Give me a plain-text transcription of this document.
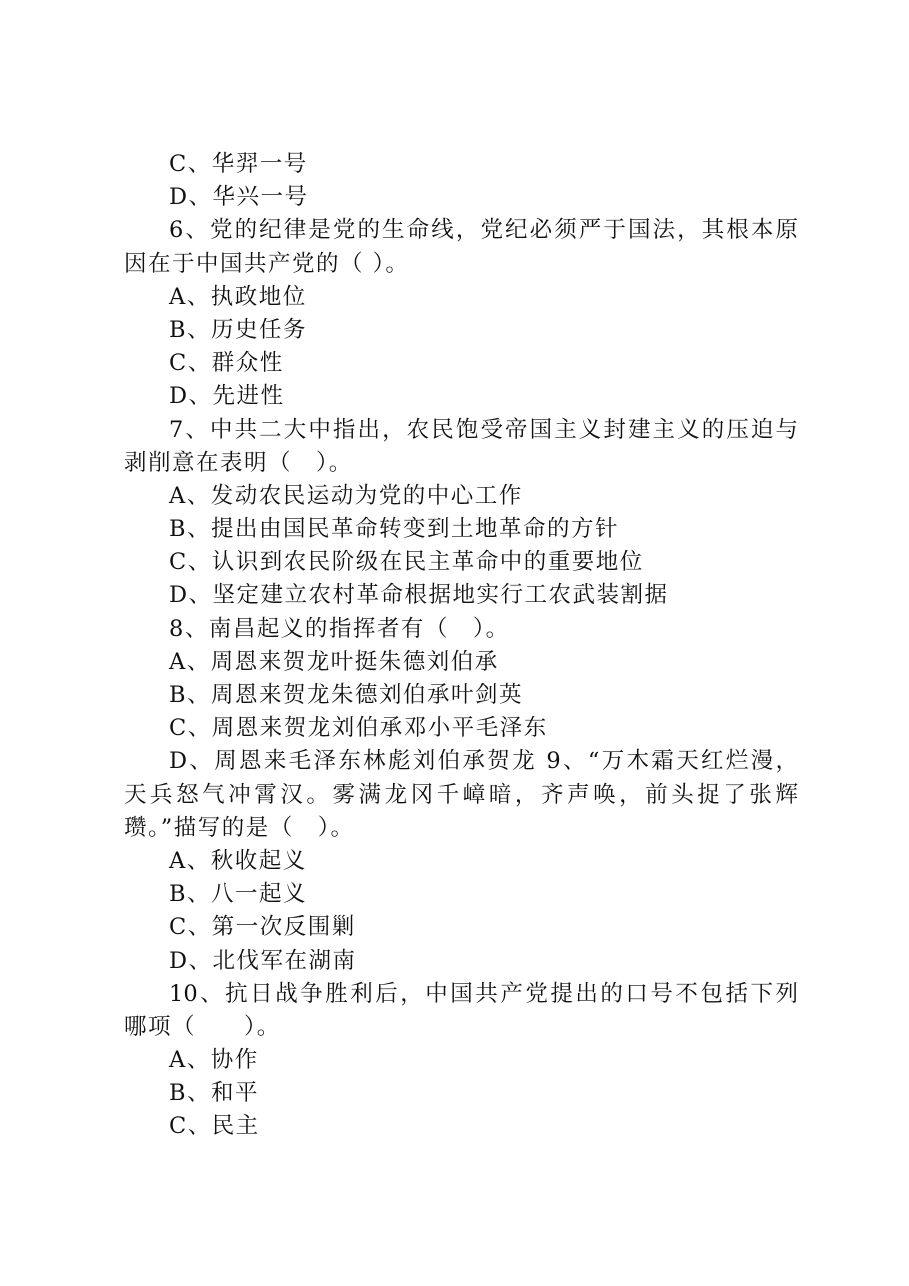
C、华羿一号
D、华兴一号
6、党的纪律是党的生命线，党纪必须严于国法，其根本原
因在于中国共产党的（ ）。
A、执政地位
B、历史任务
C、群众性
D、先进性
7、中共二大中指出，农民饱受帝国主义封建主义的压迫与
剥削意在表明（　）。
A、发动农民运动为党的中心工作
B、提出由国民革命转变到土地革命的方针
C、认识到农民阶级在民主革命中的重要地位
D、坚定建立农村革命根据地实行工农武装割据
8、南昌起义的指挥者有（　）。
A、周恩来贺龙叶挺朱德刘伯承
B、周恩来贺龙朱德刘伯承叶剑英
C、周恩来贺龙刘伯承邓小平毛泽东
D、周恩来毛泽东林彪刘伯承贺龙 9、“万木霜天红烂漫，
天兵怒气冲霄汉。雾满龙冈千嶂暗，齐声唤，前头捉了张辉
瓒。”描写的是（　）。
A、秋收起义
B、八一起义
C、第一次反围剿
D、北伐军在湖南
10、抗日战争胜利后，中国共产党提出的口号不包括下列
哪项（　　）。
A、协作
B、和平
C、民主
